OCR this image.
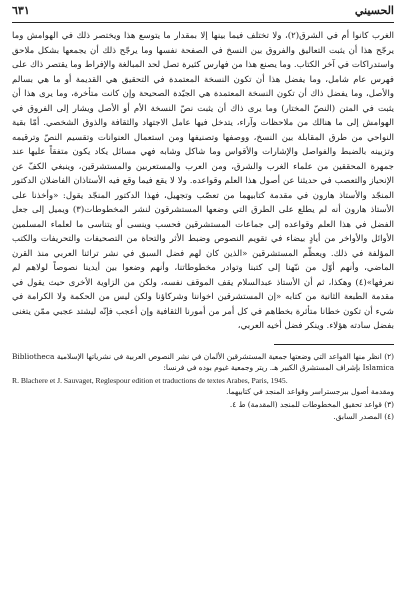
الحسيني
٦٣١

الغرب كانوا أم في الشرق(٢)، ولا تختلف فيما بينها إلا بمقدار ما يتوسع هذا ويختصر ذلك في الهوامش وما يرجّح هذا أن يثبت التعاليق والفروق بين النسخ في الصفحة نفسها وما يرجّح ذلك أن يجمعها بشكل ملاحق واستدراكات في آخر الكتاب. وما يصنع هذا من فهارس كثيرة تصل لحد المبالغة والإفراط وما يقتصر ذاك على فهرس عام شامل، وما يفضل هذا أن تكون النسخة المعتمدة في التحقيق هي القديمة أو ما هي بسالم والأصل، وما يفضل ذاك أن تكون النسخة المعتمدة هي الجيّدة الصحيحة وإن كانت متأخرة، وما يرى هذا أن يثبت في المتن (النصّ المختار) وما يرى ذاك أن يثبت نصّ النسخة الأم أو الأصل ويشار إلى الفروق في الهوامش إلى ما هنالك من ملاحظات وآراء، يتدخل فيها عامل الاجتهاد والثقافة والذوق الشخصي. أمّا بقية النواحي من طرق المقابلة بين النسخ، ووصفها وتصنيفها ومن استعمال العنوانات وتقسيم النصّ وترقيمه وتزيينه بالضبط والفواصل والإشارات والأقواس وما شاكل وشابه فهي مسائل يكاد يكون متفقاً عليها عند جمهرة المحققين من علماء الغرب والشرق، ومن العرب والمستعربين والمستشرقين، وينبغي الكفّ عن الإنحياز والتعصب في حديثنا عن أصول هذا العلم وقواعده. ولا لا يقع فيما وقع فيه الأستاذان الفاضلان الدكتور المنجّد والأستاذ هارون في مقدمة كتابيهما من تعصّب وتجهيل، فهذا الدكتور المنجّد يقول: «وأخذنا على الأستاذ هارون أنه لم يطلع على الطرق التي وضعها المستشرقون لنشر المخطوطات(٣) ويميل إلى جعل الفضل في هذا العلم وقواعده إلى جماعات المستشرقين فحسب وينسى أو يتناسى ما لعلماء المسلمين الأوائل والأواخر من أيادٍ بيضاء في تقويم النصوص وضبط الأثر والتحاة من التصحيفات والتحريفات والكتب المؤلفة في ذلك. ويعظّم المستشرقين «الذين كان لهم فضل السبق في نشر تراثنا العربي منذ القرن الماضي، وأنهم أوّل من نبّهنا إلى كتبنا وتوادر مخطوطاتنا، وأنهم وضعوا بين أيدينا نصوصاً لولاهم لم نعرفها»(٤) وهكذا، ثم أن الأستاذ عبدالسلام يقف الموقف نفسه، ولكن من الزاوية الأخرى حيث يقول في مقدمة الطبعة الثانية من كتابه «إن المستشرقين اخواننا وشركاؤنا ولكن ليس من الحكمة ولا الكرامة في شيء أن تكون خطانا متأثرة بخطاهم في كل أمر من أمورنا الثقافية وإن أعجب فإنّه ليشتد عجبي ممّن يتغنى بفضل سادته هؤلاء. وينكر فضل أخيه العربي،

(٢) انظر منها القواعد التي وضعتها جمعية المستشرقين الألمان في نشر النصوص العربية في نشرياتها الإسلامية Bibliotheca Islamica بإشراف المستشرق الكبير هـ. ريتر وجمعية غيوم بوده في فرنسا:

R. Blachere et J. Sauvaget, Reglespour edition et traductions de textes Arabes, Paris, 1945.

ومقدمة أصول ببرجستراسر وقواعد المنجد في كتابيهما.

(٣) قواعد تحقيق المخطوطات للمنجد (المقدمة) ط ٤.

(٤) المصدر السابق.
